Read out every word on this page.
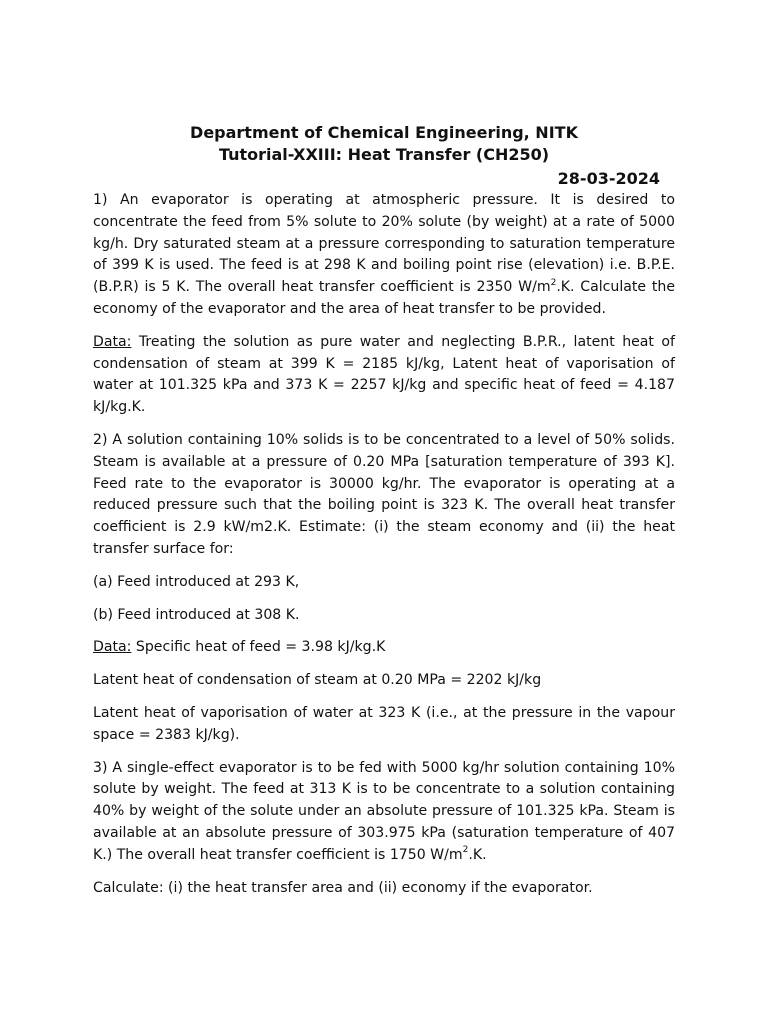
Department of Chemical Engineering, NITK
Tutorial-XXIII: Heat Transfer (CH250)
28-03-2024

1) An evaporator is operating at atmospheric pressure. It is desired to concentrate the feed from 5% solute to 20% solute (by weight) at a rate of 5000 kg/h. Dry saturated steam at a pressure corresponding to saturation temperature of 399 K is used. The feed is at 298 K and boiling point rise (elevation) i.e. B.P.E. (B.P.R) is 5 K. The overall heat transfer coefficient is 2350 $W/m^2.K$. Calculate the economy of the evaporator and the area of heat transfer to be provided.

Data: Treating the solution as pure water and neglecting B.P.R., latent heat of condensation of steam at 399 K = 2185 kJ/kg, Latent heat of vaporisation of water at 101.325 kPa and 373 K = 2257 kJ/kg and specific heat of feed = 4.187 kJ/kg.K.

2) A solution containing 10% solids is to be concentrated to a level of 50% solids. Steam is available at a pressure of 0.20 MPa [saturation temperature of 393 K]. Feed rate to the evaporator is 30000 kg/hr. The evaporator is operating at a reduced pressure such that the boiling point is 323 K. The overall heat transfer coefficient is 2.9 kW/m2.K. Estimate: (i) the steam economy and (ii) the heat transfer surface for:

(a) Feed introduced at 293 K,

(b) Feed introduced at 308 K.

Data: Specific heat of feed = 3.98 kJ/kg.K

Latent heat of condensation of steam at 0.20 MPa = 2202 kJ/kg

Latent heat of vaporisation of water at 323 K (i.e., at the pressure in the vapour space = 2383 kJ/kg).

3) A single-effect evaporator is to be fed with 5000 kg/hr solution containing 10% solute by weight. The feed at 313 K is to be concentrate to a solution containing 40% by weight of the solute under an absolute pressure of 101.325 kPa. Steam is available at an absolute pressure of 303.975 kPa (saturation temperature of 407 K.) The overall heat transfer coefficient is 1750 $W/m^2.K$.

Calculate: (i) the heat transfer area and (ii) economy if the evaporator.
